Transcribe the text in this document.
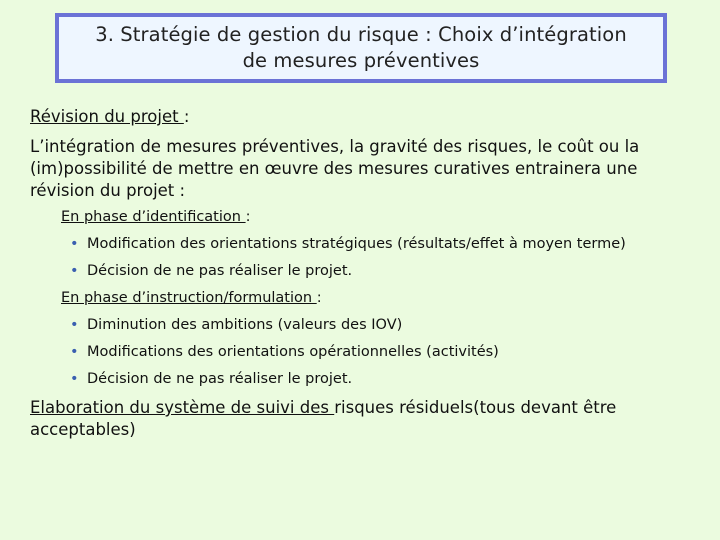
3. Stratégie de gestion du risque : Choix d’intégration
de mesures préventives

Révision du projet :

L’intégration de mesures préventives, la gravité des risques, le coût ou la (im)possibilité de mettre en œuvre des mesures curatives entrainera une révision du projet :

En phase d’identification :
• Modification des orientations stratégiques (résultats/effet à moyen terme)
• Décision de ne pas réaliser le projet.
En phase d’instruction/formulation :
• Diminution des ambitions (valeurs des IOV)
• Modifications des orientations opérationnelles (activités)
• Décision de ne pas réaliser le projet.

Elaboration du système de suivi des risques résiduels(tous devant être acceptables)
